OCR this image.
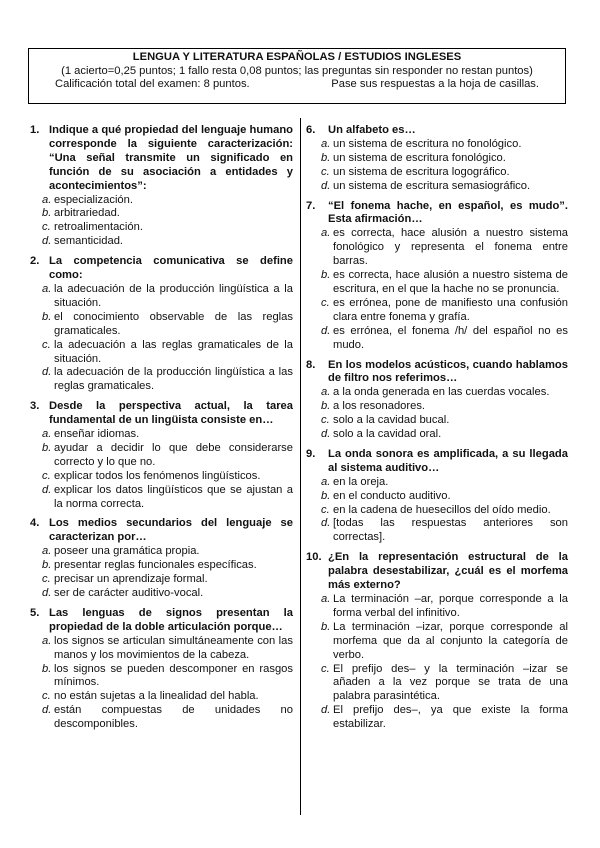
LENGUA Y LITERATURA ESPAÑOLAS / ESTUDIOS INGLESES
(1 acierto=0,25 puntos; 1 fallo resta 0,08 puntos; las preguntas sin responder no restan puntos)
Calificación total del examen: 8 puntos.	Pase sus respuestas a la hoja de casillas.
1. Indique a qué propiedad del lenguaje humano corresponde la siguiente caracterización: “Una señal transmite un significado en función de su asociación a entidades y acontecimientos”:
a. especialización.
b. arbitrariedad.
c. retroalimentación.
d. semanticidad.
2. La competencia comunicativa se define como:
a. la adecuación de la producción lingüística a la situación.
b. el conocimiento observable de las reglas gramaticales.
c. la adecuación a las reglas gramaticales de la situación.
d. la adecuación de la producción lingüística a las reglas gramaticales.
3. Desde la perspectiva actual, la tarea fundamental de un lingüista consiste en…
a. enseñar idiomas.
b. ayudar a decidir lo que debe considerarse correcto y lo que no.
c. explicar todos los fenómenos lingüísticos.
d. explicar los datos lingüísticos que se ajustan a la norma correcta.
4. Los medios secundarios del lenguaje se caracterizan por…
a. poseer una gramática propia.
b. presentar reglas funcionales específicas.
c. precisar un aprendizaje formal.
d. ser de carácter auditivo-vocal.
5. Las lenguas de signos presentan la propiedad de la doble articulación porque…
a. los signos se articulan simultáneamente con las manos y los movimientos de la cabeza.
b. los signos se pueden descomponer en rasgos mínimos.
c. no están sujetas a la linealidad del habla.
d. están compuestas de unidades no descomponibles.
6.	Un alfabeto es…
a. un sistema de escritura no fonológico.
b. un sistema de escritura fonológico.
c. un sistema de escritura logográfico.
d. un sistema de escritura semasiográfico.
7.	“El fonema hache, en español, es mudo”. Esta afirmación…
a. es correcta, hace alusión a nuestro sistema fonológico y representa el fonema entre barras.
b. es correcta, hace alusión a nuestro sistema de escritura, en el que la hache no se pronuncia.
c. es errónea, pone de manifiesto una confusión clara entre fonema y grafía.
d. es errónea, el fonema /h/ del español no es mudo.
8.	En los modelos acústicos, cuando hablamos de filtro nos referimos…
a. a la onda generada en las cuerdas vocales.
b. a los resonadores.
c. solo a la cavidad bucal.
d. solo a la cavidad oral.
9.	La onda sonora es amplificada, a su llegada al sistema auditivo…
a. en la oreja.
b. en el conducto auditivo.
c. en la cadena de huesecillos del oído medio.
d. [todas las respuestas anteriores son correctas].
10. ¿En la representación estructural de la palabra desestabilizar, ¿cuál es el morfema más externo?
a. La terminación –ar, porque corresponde a la forma verbal del infinitivo.
b. La terminación –izar, porque corresponde al morfema que da al conjunto la categoría de verbo.
c. El prefijo des– y la terminación –izar se añaden a la vez porque se trata de una palabra parasintética.
d. El prefijo des–, ya que existe la forma estabilizar.
